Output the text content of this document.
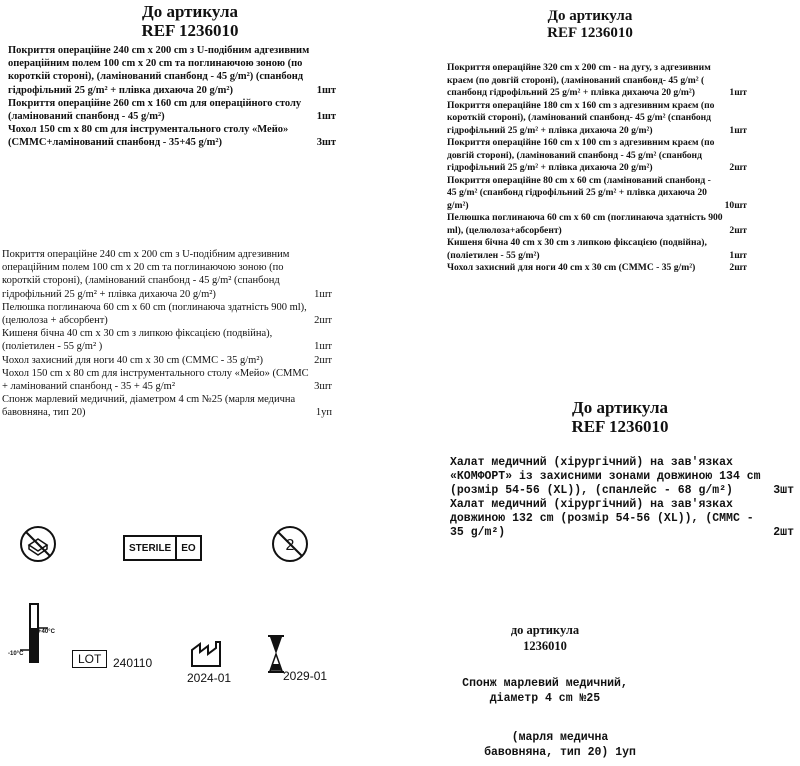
До артикула
REF 1236010
Покриття операційне 240 cm x 200 cm з U-подібним адгезивним операційним полем 100 cm x 20 cm та поглинаючою зоною (по короткій стороні), (ламінований спанбонд - 45 g/m²) (спанбонд гідрофільний 25 g/m² + плівка дихаюча 20 g/m²)	1шт
Покриття операційне 260 cm x 160 cm для операційного столу (ламінований спанбонд - 45 g/m²)	1шт
Чохол 150 cm x 80 cm для інструментального столу «Мейо» (СММС+ламінований спанбонд - 35+45 g/m²)	3шт
Покриття операційне 240 cm x 200 cm з U-подібним адгезивним операційним полем 100 cm x 20 cm та поглинаючою зоною (по короткій стороні), (ламінований спанбонд - 45 g/m² (спанбонд гідрофільний 25 g/m² + плівка дихаюча 20 g/m²)	1шт
Пелюшка поглинаюча 60 cm x 60 cm (поглинаюча здатність 900 ml), (целюлоза + абсорбент)	2шт
Кишеня бічна 40 cm x 30 cm з липкою фіксацією (подвійна), (поліетилен - 55 g/m² )	1шт
Чохол захисний для ноги 40 cm x 30 cm (СММС - 35 g/m²)	2шт
Чохол 150 cm x 80 cm для інструментального столу «Мейо» (СММС + ламінований спанбонд - 35 + 45 g/m²	3шт
Спонж марлевий медичний, діаметром 4 cm №25 (марля медична бавовняна, тип 20)	1уп
До артикула
REF 1236010
Покриття операційне 320 cm x 200 cm - на дугу, з адгезивним краєм (по довгій стороні), (ламінований спанбонд- 45 g/m² ( спанбонд гідрофільний 25 g/m² + плівка дихаюча 20 g/m²)	1шт
Покриття операційне 180 cm x 160 cm з адгезивним краєм (по короткій стороні), (ламінований спанбонд- 45 g/m² (спанбонд гідрофільний 25 g/m² + плівка дихаюча 20 g/m²)	1шт
Покриття операційне 160 cm x 100 cm з адгезивним краєм (по довгій стороні), (ламінований спанбонд - 45 g/m² (спанбонд гідрофільний 25 g/m² + плівка дихаюча 20 g/m²)	2шт
Покриття операційне 80 cm x 60 cm (ламінований спанбонд - 45 g/m² (спанбонд гідрофільний 25 g/m² + плівка дихаюча 20 g/m²)	10шт
Пелюшка поглинаюча 60 cm x 60 cm (поглинаюча здатність 900 ml), (целюлоза+абсорбент)	2шт
Кишеня бічна 40 cm x 30 cm з липкою фіксацією (подвійна), (поліетилен - 55 g/m²)	1шт
Чохол захисний для ноги 40 cm x 30 cm (СММС - 35 g/m²)	2шт
До артикула
REF 1236010
Халат медичний (хірургічний) на зав'язках «КОМФОРТ» із захисними зонами довжиною 134 cm (розмір 54-56 (XL)), (спанлейс - 68 g/m²)	3шт
Халат медичний (хірургічний) на зав'язках довжиною 132 cm (розмір 54-56 (XL)), (СММС - 35 g/m²)	2шт
до артикула
1236010
Спонж марлевий медичний,
діаметр 4 cm №25
(марля медична
бавовняна, тип 20) 1уп
STERILE	EO	2
+40°C
-10°C	LOT 240110
2024-01	2029-01
